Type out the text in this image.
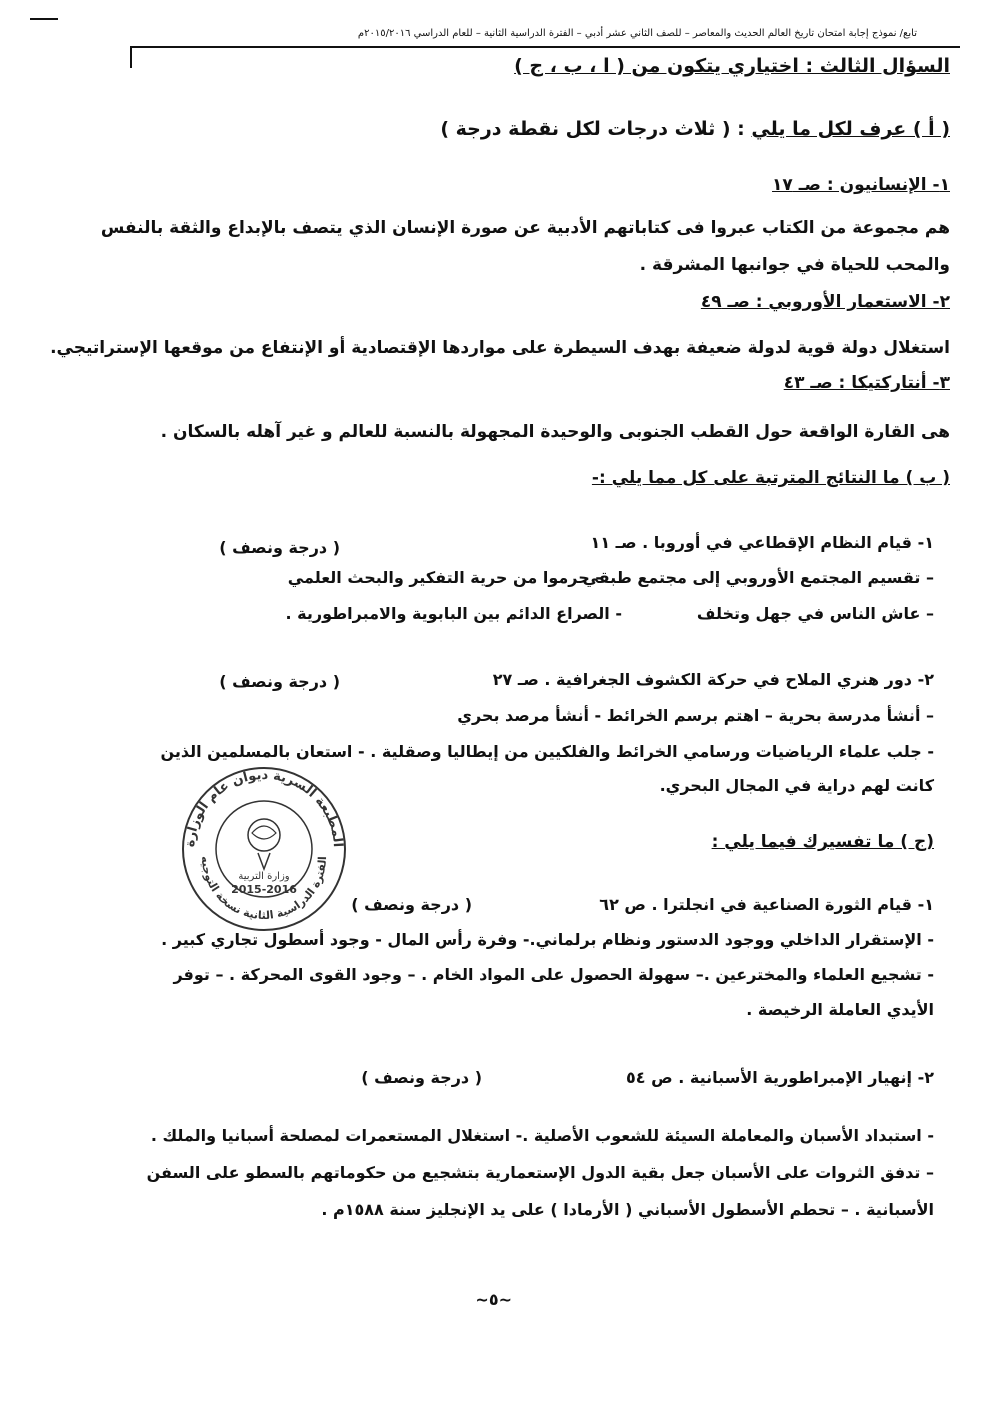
تابع/ نموذج إجابة امتحان تاريخ العالم الحديث والمعاصر – للصف الثاني عشر أدبي – الفترة الدراسية الثانية – للعام الدراسي ٢٠١٥/٢٠١٦م
السؤال الثالث : اختياري يتكون من ( ا ، ب ، ج )
( أ ) عرف لكل ما يلي : ( ثلاث درجات لكل نقطة درجة )
١- الإنسانيون : صـ ١٧
هم مجموعة من الكتاب عبروا فى كتاباتهم الأدبية عن صورة الإنسان الذي يتصف بالإبداع والثقة بالنفس
والمحب للحياة في جوانبها المشرقة .
٢- الاستعمار الأوروبي : صـ ٤٩
استغلال دولة قوية لدولة ضعيفة بهدف السيطرة على مواردها الإقتصادية أو الإنتفاع من موقعها الإستراتيجي.
٣- أنتاركتيكا : صـ ٤٣
هى القارة الواقعة حول القطب الجنوبى والوحيدة المجهولة بالنسبة للعالم و غير آهله بالسكان .
( ب ) ما النتائج المترتبة على كل مما يلي :-
١- قيام النظام الإقطاعي في أوروبا . صـ ١١
( درجة ونصف )
– تقسيم المجتمع الأوروبي إلى مجتمع طبقي
- حرموا من حرية التفكير والبحث العلمي
– عاش الناس في جهل وتخلف
- الصراع الدائم بين البابوية والامبراطورية .
٢- دور هنري الملاح في حركة الكشوف الجغرافية . صـ ٢٧
( درجة ونصف )
– أنشأ مدرسة بحرية – اهتم برسم الخرائط - أنشأ مرصد بحري
- جلب علماء الرياضيات ورسامي الخرائط والفلكيين من إيطاليا وصقلية . - استعان بالمسلمين الذين
كانت لهم دراية في المجال البحري.
(ج ) ما تفسيرك فيما يلي :
١- قيام الثورة الصناعية في انجلترا . ص ٦٢
( درجة ونصف )
- الإستقرار الداخلي ووجود الدستور ونظام برلماني.- وفرة رأس المال - وجود أسطول تجاري كبير .
- تشجيع العلماء والمخترعين .– سهولة الحصول على المواد الخام . – وجود القوى المحركة . – توفر
الأيدي العاملة الرخيصة .
٢- إنهيار الإمبراطورية الأسبانية . ص ٥٤
( درجة ونصف )
- استبداد الأسبان والمعاملة السيئة للشعوب الأصلية .- استغلال المستعمرات لمصلحة أسبانيا والملك .
– تدفق الثروات على الأسبان جعل بقية الدول الإستعمارية بتشجيع من حكوماتهم بالسطو على السفن
الأسبانية . – تحطم الأسطول الأسباني ( الأرمادا ) على يد الإنجليز سنة ١٥٨٨م .
~٥~
المطبعة السرية ديوان عام الوزارة
الفترة الدراسية الثانية نسخة التوجيه
وزارة التربية
2015-2016
